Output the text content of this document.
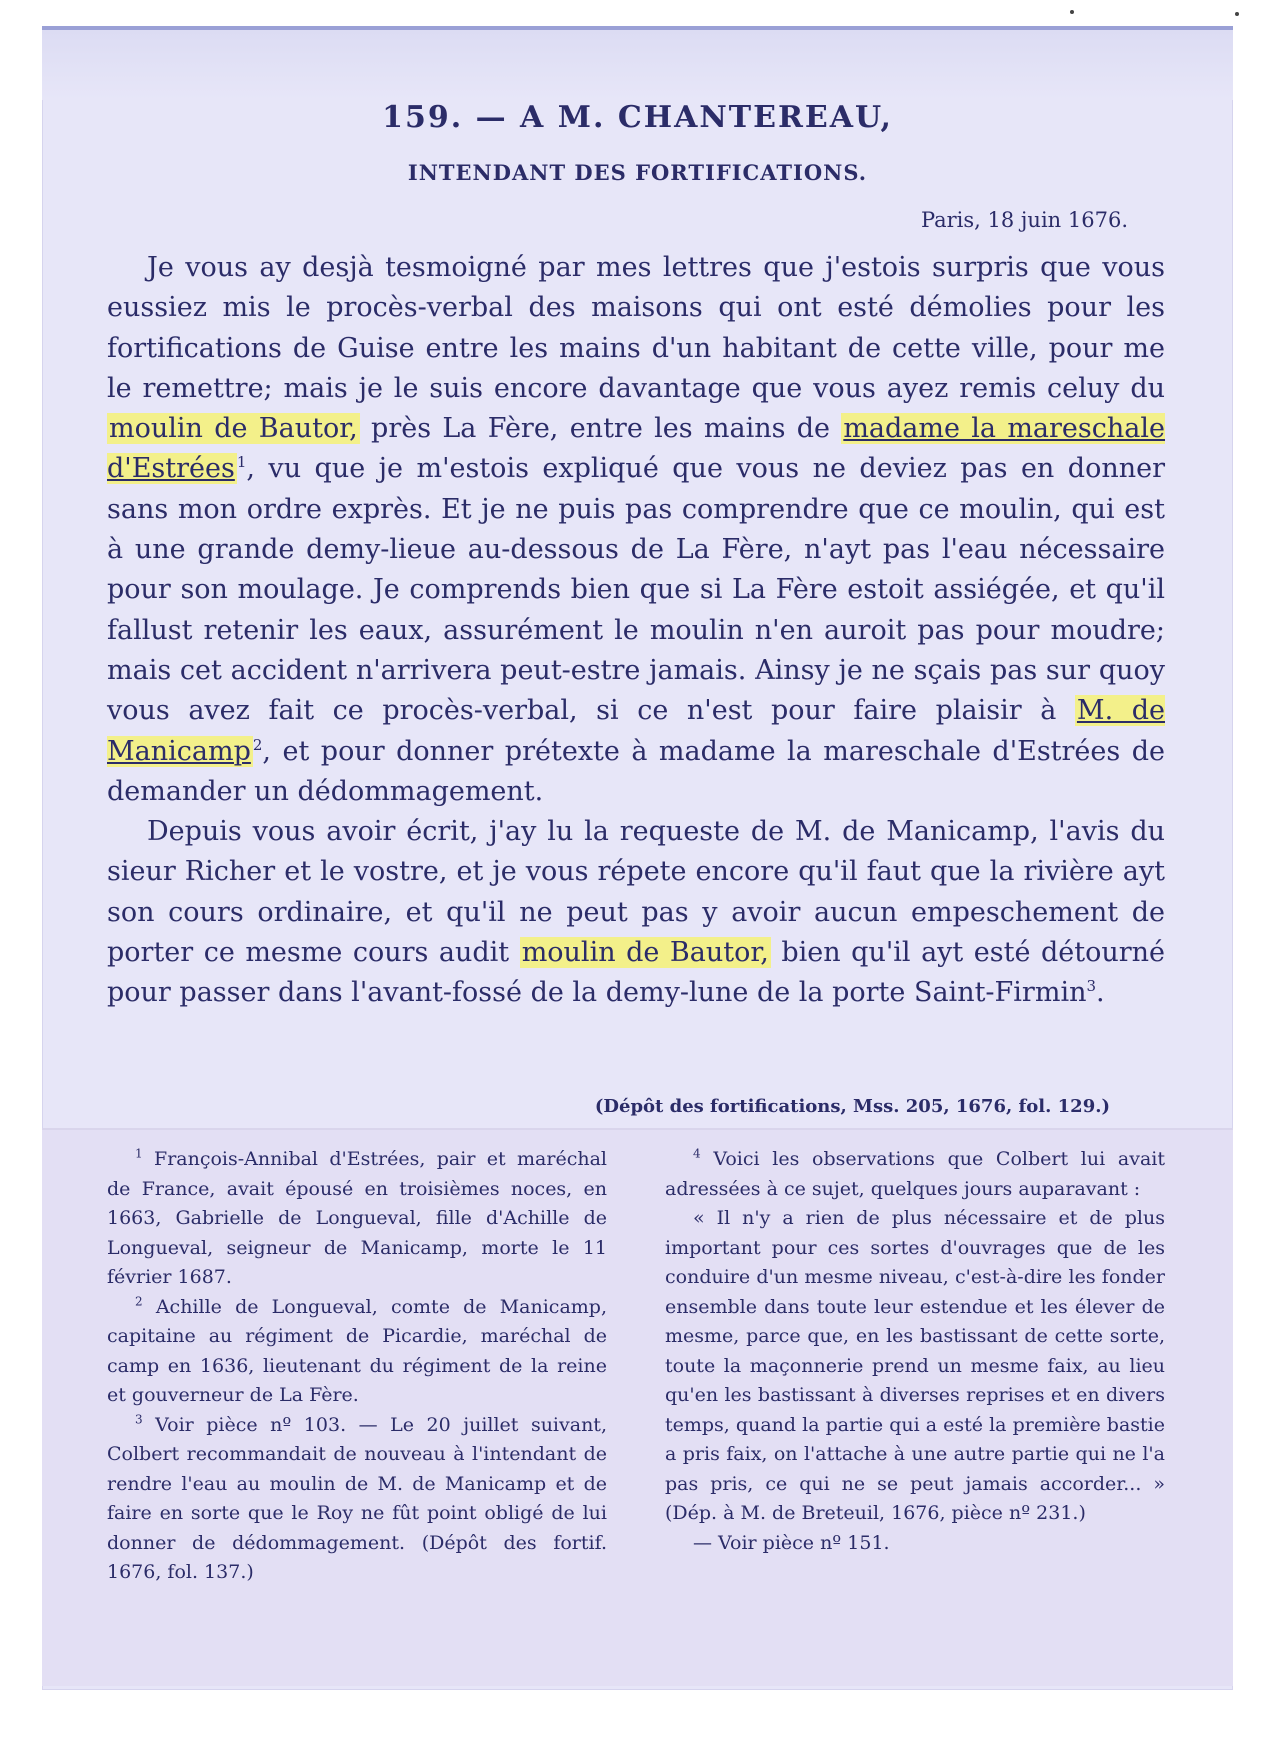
159. — A M. CHANTEREAU,
INTENDANT DES FORTIFICATIONS.
Paris, 18 juin 1676.

Je vous ay desjà tesmoigné par mes lettres que j'estois surpris que vous eussiez mis le procès-verbal des maisons qui ont esté démolies pour les fortifications de Guise entre les mains d'un habitant de cette ville, pour me le remettre; mais je le suis encore davantage que vous ayez remis celuy du moulin de Bautor, près La Fère, entre les mains de madame la mareschale d'Estrées $^1$, vu que je m'estois expliqué que vous ne deviez pas en donner sans mon ordre exprès. Et je ne puis pas comprendre que ce moulin, qui est à une grande demy-lieue au-dessous de La Fère, n'ayt pas l'eau nécessaire pour son moulage. Je comprends bien que si La Fère estoit assiégée, et qu'il fallust retenir les eaux, assurément le moulin n'en auroit pas pour moudre; mais cet accident n'arrivera peut-estre jamais. Ainsy je ne sçais pas sur quoy vous avez fait ce procès-verbal, si ce n'est pour faire plaisir à M. de Manicamp $^2$, et pour donner prétexte à madame la mareschale d'Estrées de demander un dédommagement.

Depuis vous avoir écrit, j'ay lu la requeste de M. de Manicamp, l'avis du sieur Richer et le vostre, et je vous répete encore qu'il faut que la rivière ayt son cours ordinaire, et qu'il ne peut pas y avoir aucun empeschement de porter ce mesme cours audit moulin de Bautor, bien qu'il ayt esté détourné pour passer dans l'avant-fossé de la demy-lune de la porte Saint-Firmin$^3$.

(Dépôt des fortifications, Mss. 205, 1676, fol. 129.)

$^1$ François-Annibal d'Estrées, pair et maréchal de France, avait épousé en troisièmes noces, en 1663, Gabrielle de Longueval, fille d'Achille de Longueval, seigneur de Manicamp, morte le 11 février 1687.

$^2$ Achille de Longueval, comte de Manicamp, capitaine au régiment de Picardie, maréchal de camp en 1636, lieutenant du régiment de la reine et gouverneur de La Fère.

$^3$ Voir pièce nº 103. — Le 20 juillet suivant, Colbert recommandait de nouveau à l'intendant de rendre l'eau au moulin de M. de Manicamp et de faire en sorte que le Roy ne fût point obligé de lui donner de dédommagement. (Dépôt des fortif. 1676, fol. 137.)

$^4$ Voici les observations que Colbert lui avait adressées à ce sujet, quelques jours auparavant :

« Il n'y a rien de plus nécessaire et de plus important pour ces sortes d'ouvrages que de les conduire d'un mesme niveau, c'est-à-dire les fonder ensemble dans toute leur estendue et les élever de mesme, parce que, en les bastissant de cette sorte, toute la maçonnerie prend un mesme faix, au lieu qu'en les bastissant à diverses reprises et en divers temps, quand la partie qui a esté la première bastie a pris faix, on l'attache à une autre partie qui ne l'a pas pris, ce qui ne se peut jamais accorder... » (Dép. à M. de Breteuil, 1676, pièce nº 231.)

— Voir pièce nº 151.
